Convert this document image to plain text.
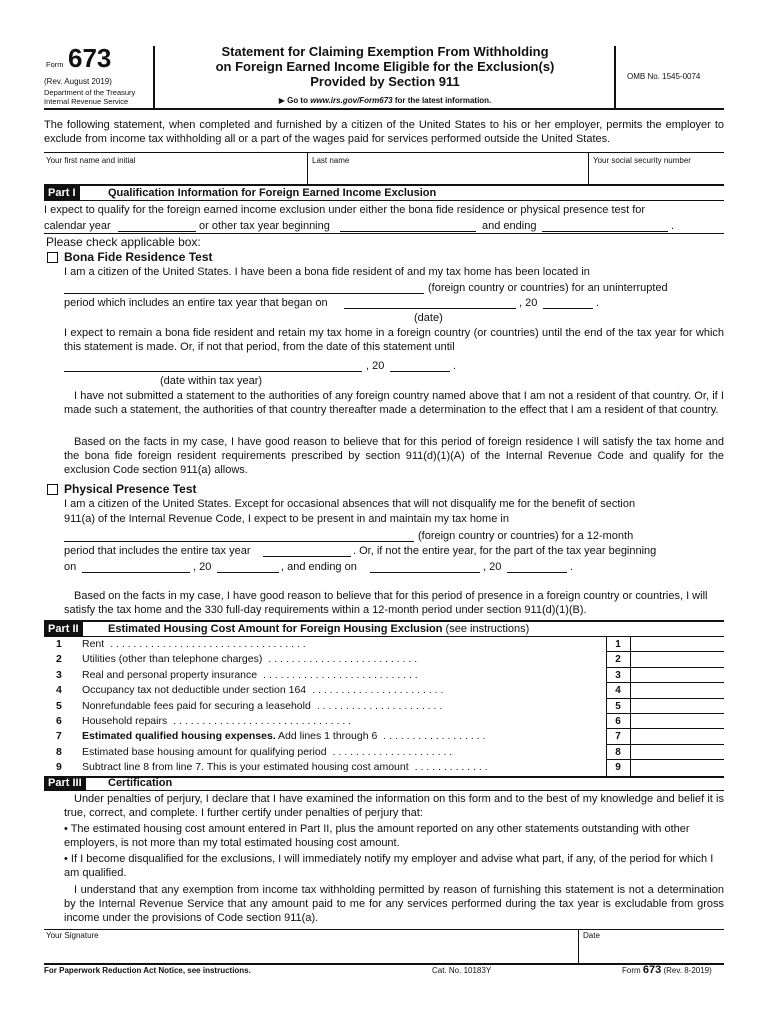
Form 673
(Rev. August 2019)
Department of the Treasury
Internal Revenue Service
Statement for Claiming Exemption From Withholding
on Foreign Earned Income Eligible for the Exclusion(s)
Provided by Section 911
▶ Go to www.irs.gov/Form673 for the latest information.
OMB No. 1545-0074
The following statement, when completed and furnished by a citizen of the United States to his or her employer, permits the employer to exclude from income tax withholding all or a part of the wages paid for services performed outside the United States.
Your first name and initial	Last name	Your social security number
Part I	Qualification Information for Foreign Earned Income Exclusion
I expect to qualify for the foreign earned income exclusion under either the bona fide residence or physical presence test for
calendar year	or other tax year beginning	and ending	.
Please check applicable box:
Bona Fide Residence Test
I am a citizen of the United States. I have been a bona fide resident of and my tax home has been located in
(foreign country or countries) for an uninterrupted
period which includes an entire tax year that began on	, 20	.
(date)
I expect to remain a bona fide resident and retain my tax home in a foreign country (or countries) until the end of the tax year for which this statement is made. Or, if not that period, from the date of this statement until
, 20	.
(date within tax year)
I have not submitted a statement to the authorities of any foreign country named above that I am not a resident of that country. Or, if I made such a statement, the authorities of that country thereafter made a determination to the effect that I am a resident of that country.
Based on the facts in my case, I have good reason to believe that for this period of foreign residence I will satisfy the tax home and the bona fide foreign resident requirements prescribed by section 911(d)(1)(A) of the Internal Revenue Code and qualify for the exclusion Code section 911(a) allows.
Physical Presence Test
I am a citizen of the United States. Except for occasional absences that will not disqualify me for the benefit of section
911(a) of the Internal Revenue Code, I expect to be present in and maintain my tax home in
(foreign country or countries) for a 12-month
period that includes the entire tax year	. Or, if not the entire year, for the part of the tax year beginning
on	, 20	, and ending on	, 20	.
Based on the facts in my case, I have good reason to believe that for this period of presence in a foreign country or countries, I will satisfy the tax home and the 330 full-day requirements within a 12-month period under section 911(d)(1)(B).
Part II	Estimated Housing Cost Amount for Foreign Housing Exclusion (see instructions)
1 Rent . . . . . . . . . . . . . . . . . . . . . . . . . . . . . . . . . .	1
2 Utilities (other than telephone charges) . . . . . . . . . . . . . . . . . . . . . . . . . .	2
3 Real and personal property insurance . . . . . . . . . . . . . . . . . . . . . . . . . . .	3
4 Occupancy tax not deductible under section 164 . . . . . . . . . . . . . . . . . . . . . . .	4
5 Nonrefundable fees paid for securing a leasehold . . . . . . . . . . . . . . . . . . . . . .	5
6 Household repairs . . . . . . . . . . . . . . . . . . . . . . . . . . . . . . .	6
7 Estimated qualified housing expenses. Add lines 1 through 6 . . . . . . . . . . . . . . . . . .	7
8 Estimated base housing amount for qualifying period . . . . . . . . . . . . . . . . . . . . .	8
9 Subtract line 8 from line 7. This is your estimated housing cost amount . . . . . . . . . . . . .	9
Part III	Certification
Under penalties of perjury, I declare that I have examined the information on this form and to the best of my knowledge and belief it is true, correct, and complete. I further certify under penalties of perjury that:
• The estimated housing cost amount entered in Part II, plus the amount reported on any other statements outstanding with other employers, is not more than my total estimated housing cost amount.
• If I become disqualified for the exclusions, I will immediately notify my employer and advise what part, if any, of the period for which I am qualified.
I understand that any exemption from income tax withholding permitted by reason of furnishing this statement is not a determination by the Internal Revenue Service that any amount paid to me for any services performed during the tax year is excludable from gross income under the provisions of Code section 911(a).
Your Signature	Date
For Paperwork Reduction Act Notice, see instructions.	Cat. No. 10183Y	Form 673 (Rev. 8-2019)
